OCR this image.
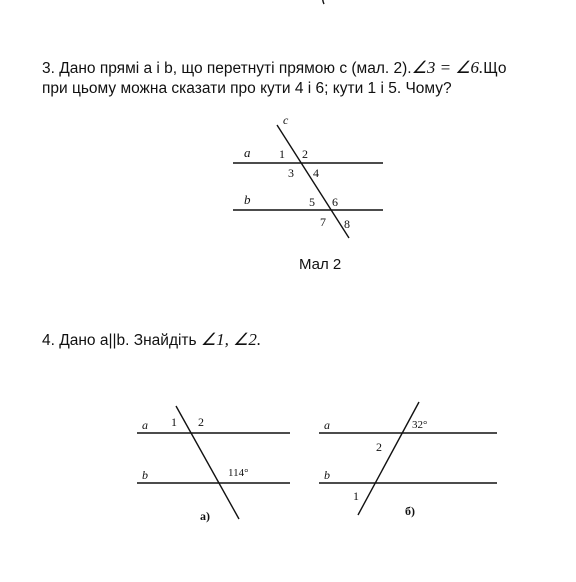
3. Дано прямі a і b, що перетнуті прямою c (мал. 2).∠3 = ∠6.Що
при цьому можна сказати про кути 4 і 6; кути 1 і 5. Чому?
c
a
b
1 2
3 4
5 6
7 8
Мал 2
4. Дано a||b. Знайдіть ∠1, ∠2.
a
b
1 2
114°
а)
a
b
32°
2
1
б)
